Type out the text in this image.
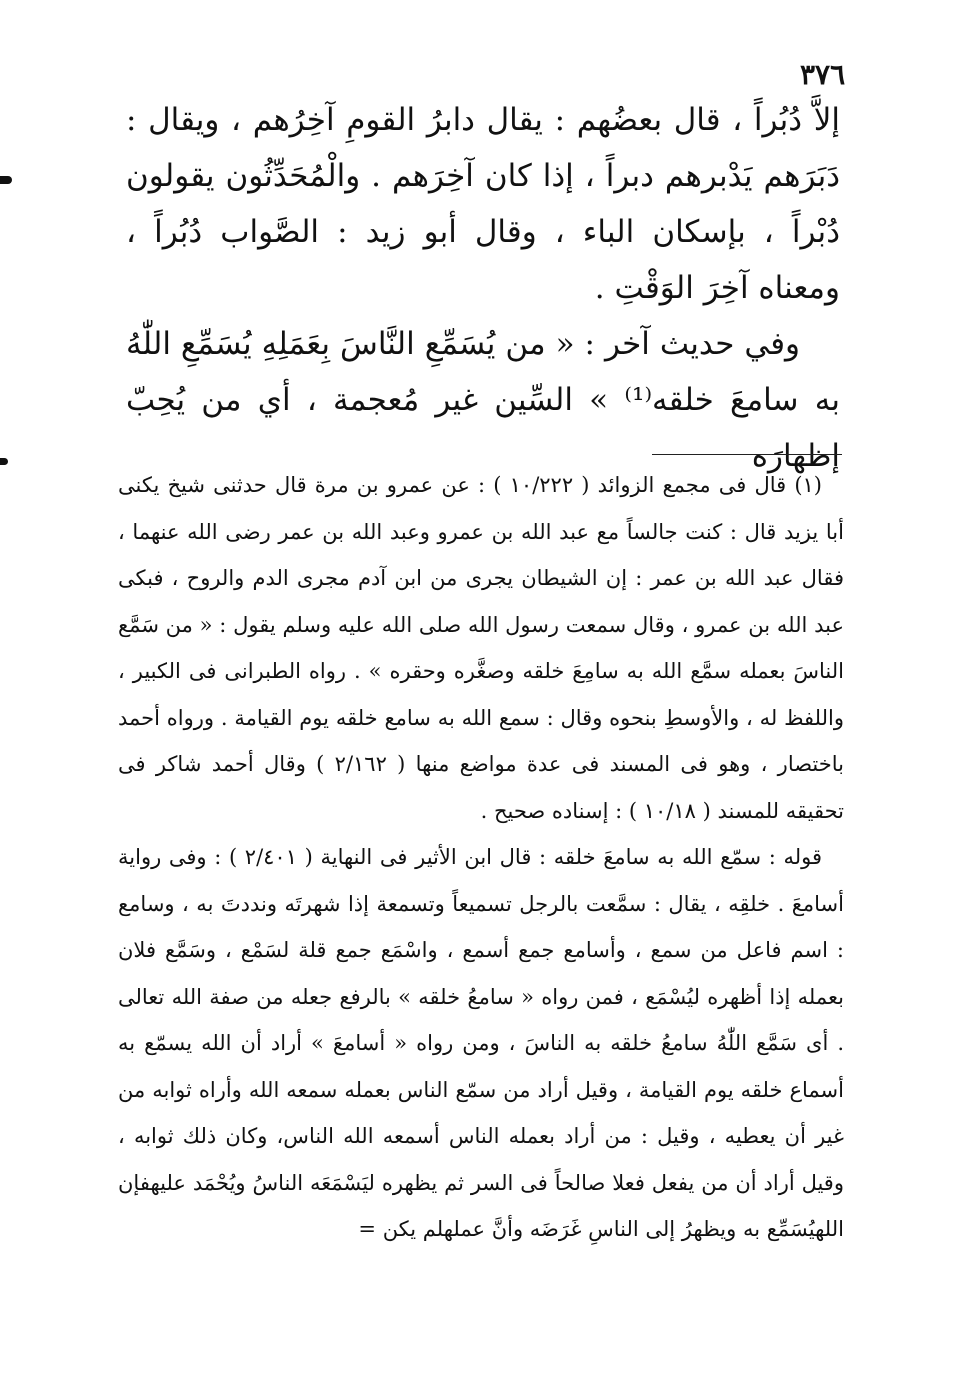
٣٧٦

إلاَّ دُبُراً ، قال بعضُهم : يقال دابرُ القومِ آخِرُهم ، ويقال : دَبَرَهم يَدْبرهم دبراً ، إذا كان آخِرَهم . والْمُحَدِّثُون يقولون دُبْراً ، بإسكان الباء ، وقال أبو زيد : الصَّواب دُبُراً ، ومعناه آخِرَ الوَقْتِ .

وفي حديث آخر : « من يُسَمِّعِ النَّاسَ بِعَمَلِهِ يُسَمِّعِ اللّٰهُ به سامعَ خلقه⁽¹⁾ » السِّين غير مُعجمة ، أي من يُحِبّ إظهارَه

(١) قال فى مجمع الزوائد ( ١٠/٢٢٢ ) : عن عمرو بن مرة قال حدثنى شيخ يكنى أبا يزيد قال : كنت جالساً مع عبد الله بن عمرو وعبد الله بن عمر رضى الله عنهما ، فقال عبد الله بن عمر : إن الشيطان يجرى من ابن آدم مجرى الدم والروح ، فبكى عبد الله بن عمرو ، وقال سمعت رسول الله صلى الله عليه وسلم يقول : « من سَمَّع الناسَ بعمله سمَّع الله به سامِعَ خلقه وصغَّره وحقره » . رواه الطبرانى فى الكبير ، واللفظ له ، والأوسطِ بنحوه وقال : سمع الله به سامع خلقه يوم القيامة . ورواه أحمد باختصار ، وهو فى المسند فى عدة مواضع منها ( ٢/١٦٢ ) وقال أحمد شاكر فى تحقيقه للمسند ( ١٠/١٨ ) : إسناده صحيح .

قوله : سمّع الله به سامعَ خلقه : قال ابن الأثير فى النهاية ( ٢/٤٠١ ) : وفى رواية أسامعَ . خلقِه ، يقال : سمَّعت بالرجل تسميعاً وتسمعة إذا شهرتَه ونددتَ به ، وسامع : اسم فاعل من سمع ، وأسامع جمع أسمع ، واسْمَع جمع قلة لسَمْع ، وسَمَّع فلان بعمله إذا أظهره ليُسْمَع ، فمن رواه « سامعُ خلقه » بالرفع جعله من صفة الله تعالى . أى سَمَّع اللّٰهُ سامعُ خلقه به الناسَ ، ومن رواه « أسامعَ » أراد أن الله يسمّع به أسماع خلقه يوم القيامة ، وقيل أراد من سمّع الناس بعمله سمعه الله وأراه ثوابه من غير أن يعطيه ، وقيل : من أراد بعمله الناس أسمعه الله الناس، وكان ذلك ثوابه ، وقيل أراد أن من يفعل فعلا صالحاً فى السر ثم يظهره ليَسْمَعَه الناسُ ويُحْمَد عليهفإن اللهيُسَمِّع به ويظهرُ إلى الناسِ غَرَضَه وأنَّ عملهلم يكن =
